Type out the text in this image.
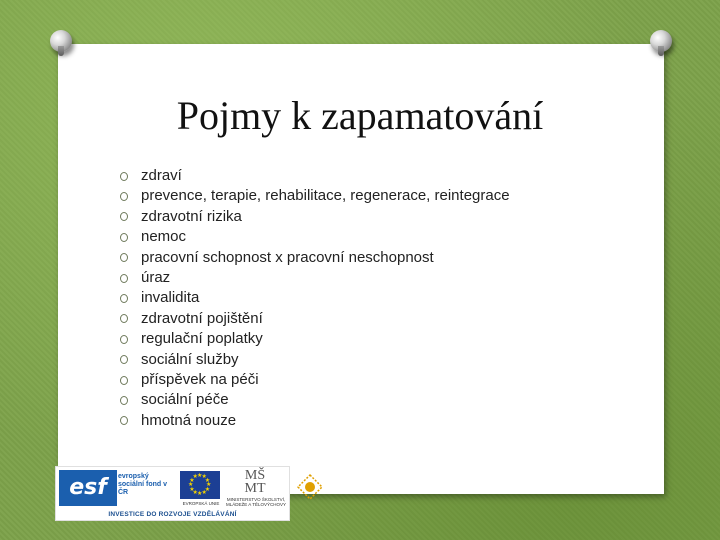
Pojmy k zapamatování
zdraví
prevence, terapie, rehabilitace, regenerace, reintegrace
zdravotní rizika
nemoc
pracovní schopnost x pracovní neschopnost
úraz
invalidita
zdravotní pojištění
regulační poplatky
sociální služby
příspěvek na péči
sociální péče
hmotná nouze
esf	evropský sociální fond v ČR
★
★
★
★
★
★
★
★
★ ★ ★
★
EVROPSKÁ UNIE
MŠ MT
MINISTERSTVO ŠKOLSTVÍ, MLÁDEŽE A TĚLOVÝCHOVY
INVESTICE DO ROZVOJE VZDĚLÁVÁNÍ
